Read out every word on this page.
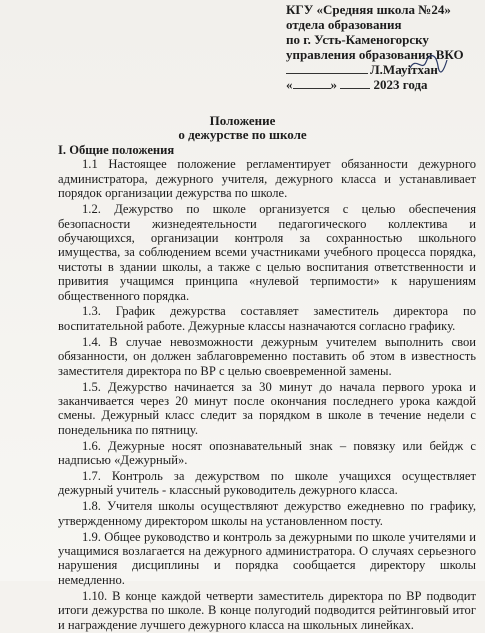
КГУ «Средняя школа №24»
отдела образования
по г. Усть-Каменогорску
управления образования ВКО
Л.Мауітхан
«	»	2023 года
Положение
о дежурстве по школе
I. Общие положения

1.1 Настоящее положение регламентирует обязанности дежурного администратора, дежурного учителя, дежурного класса и устанавливает порядок организации дежурства по школе.

1.2. Дежурство по школе организуется с целью обеспечения безопасности жизнедеятельности педагогического коллектива и обучающихся, организации контроля за сохранностью школьного имущества, за соблюдением всеми участниками учебного процесса порядка, чистоты в здании школы, а также с целью воспитания ответственности и привития учащимся принципа «нулевой терпимости» к нарушениям общественного порядка.

1.3. График дежурства составляет заместитель директора по воспитательной работе. Дежурные классы назначаются согласно графику.

1.4. В случае невозможности дежурным учителем выполнить свои обязанности, он должен заблаговременно поставить об этом в известность заместителя директора по ВР с целью своевременной замены.

1.5. Дежурство начинается за 30 минут до начала первого урока и заканчивается через 20 минут после окончания последнего урока каждой смены. Дежурный класс следит за порядком в школе в течение недели с понедельника по пятницу.

1.6. Дежурные носят опознавательный знак – повязку или бейдж с надписью «Дежурный».

1.7. Контроль за дежурством по школе учащихся осуществляет дежурный учитель - классный руководитель дежурного класса.

1.8. Учителя школы осуществляют дежурство ежедневно по графику, утвержденному директором школы на установленном посту.

1.9. Общее руководство и контроль за дежурными по школе учителями и учащимися возлагается на дежурного администратора. О случаях серьезного нарушения дисциплины и порядка сообщается директору школы немедленно.

1.10. В конце каждой четверти заместитель директора по ВР подводит итоги дежурства по школе. В конце полугодий подводится рейтинговый итог и награждение лучшего дежурного класса на школьных линейках.
